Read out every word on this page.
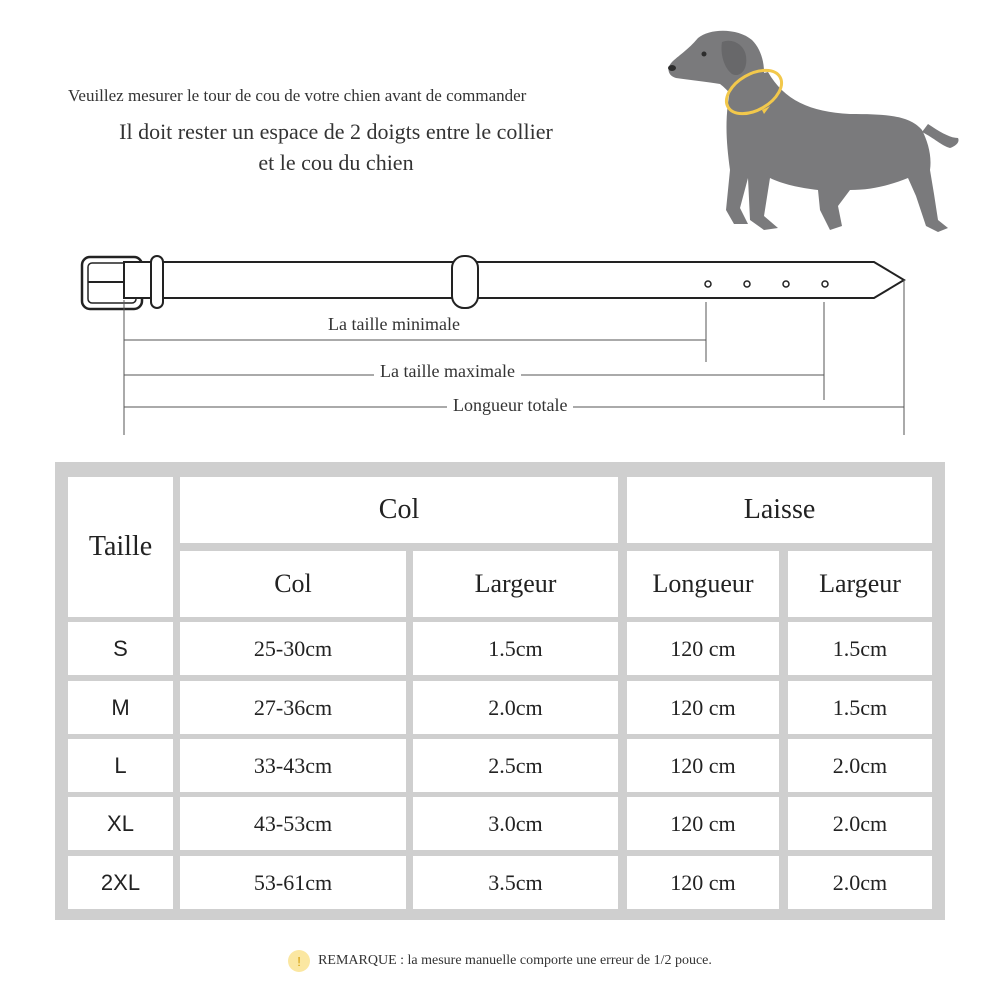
Veuillez mesurer le tour de cou de votre chien avant de commander
Il doit rester un espace de 2 doigts entre le collier
et le cou du chien
La taille minimale
La taille maximale
Longueur totale
Taille
Col	Laisse
Col	Largeur	Longueur	Largeur
S	25-30cm	1.5cm	120 cm	1.5cm
M	27-36cm	2.0cm	120 cm	1.5cm
L	33-43cm	2.5cm	120 cm	2.0cm
XL	43-53cm	3.0cm	120 cm	2.0cm
2XL	53-61cm	3.5cm	120 cm	2.0cm
!	REMARQUE : la mesure manuelle comporte une erreur de 1/2 pouce.
